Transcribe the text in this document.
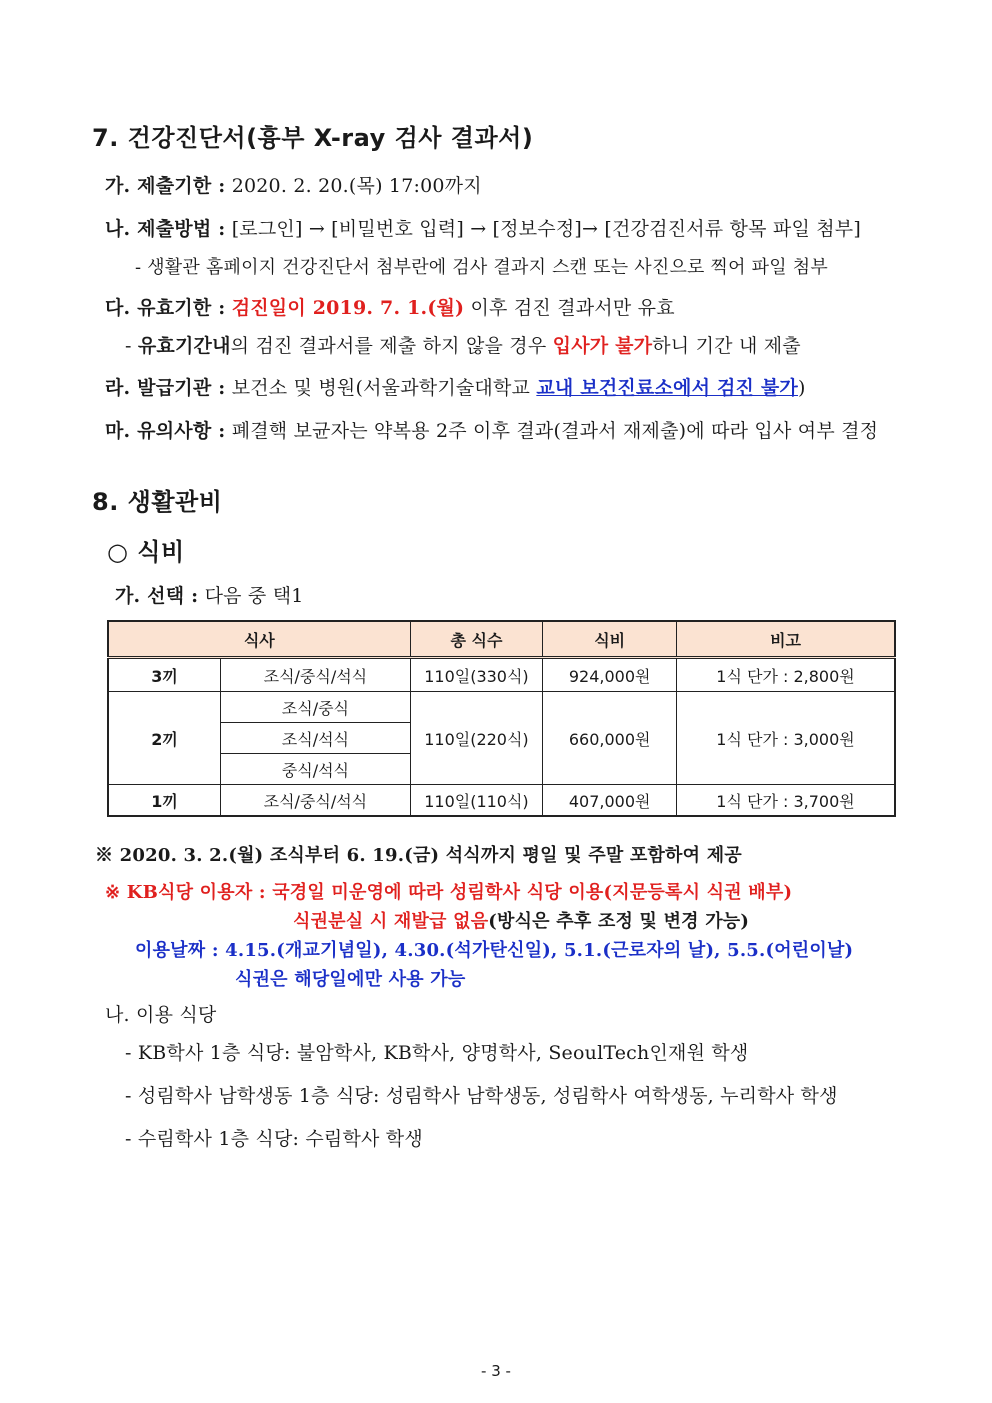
7. 건강진단서(흉부 X-ray 검사 결과서)
가. 제출기한 : 2020. 2. 20.(목) 17:00까지
나. 제출방법 : [로그인] → [비밀번호 입력] → [정보수정]→ [건강검진서류 항목 파일 첨부]
- 생활관 홈페이지 건강진단서 첨부란에 검사 결과지 스캔 또는 사진으로 찍어 파일 첨부
다. 유효기한 : 검진일이 2019. 7. 1.(월) 이후 검진 결과서만 유효
- 유효기간내의 검진 결과서를 제출 하지 않을 경우 입사가 불가하니 기간 내 제출
라. 발급기관 : 보건소 및 병원(서울과학기술대학교 교내 보건진료소에서 검진 불가)
마. 유의사항 : 폐결핵 보균자는 약복용 2주 이후 결과(결과서 재제출)에 따라 입사 여부 결정
8. 생활관비
○ 식비
가. 선택 : 다음 중 택1
식사		총 식수	식비	비고
3끼	조식/중식/석식	110일(330식)	924,000원	1식 단가 : 2,800원
2끼	조식/중식	110일(220식)	660,000원	1식 단가 : 3,000원
	조식/석식			
	중식/석식			
1끼	조식/중식/석식	110일(110식)	407,000원	1식 단가 : 3,700원
※ 2020. 3. 2.(월) 조식부터 6. 19.(금) 석식까지 평일 및 주말 포함하여 제공
※ KB식당 이용자 : 국경일 미운영에 따라 성림학사 식당 이용(지문등록시 식권 배부)
식권분실 시 재발급 없음(방식은 추후 조정 및 변경 가능)
이용날짜 : 4.15.(개교기념일), 4.30.(석가탄신일), 5.1.(근로자의 날), 5.5.(어린이날)
식권은 해당일에만 사용 가능
나. 이용 식당
- KB학사 1층 식당: 불암학사, KB학사, 양명학사, SeoulTech인재원 학생
- 성림학사 남학생동 1층 식당: 성림학사 남학생동, 성림학사 여학생동, 누리학사 학생
- 수림학사 1층 식당: 수림학사 학생
- 3 -
